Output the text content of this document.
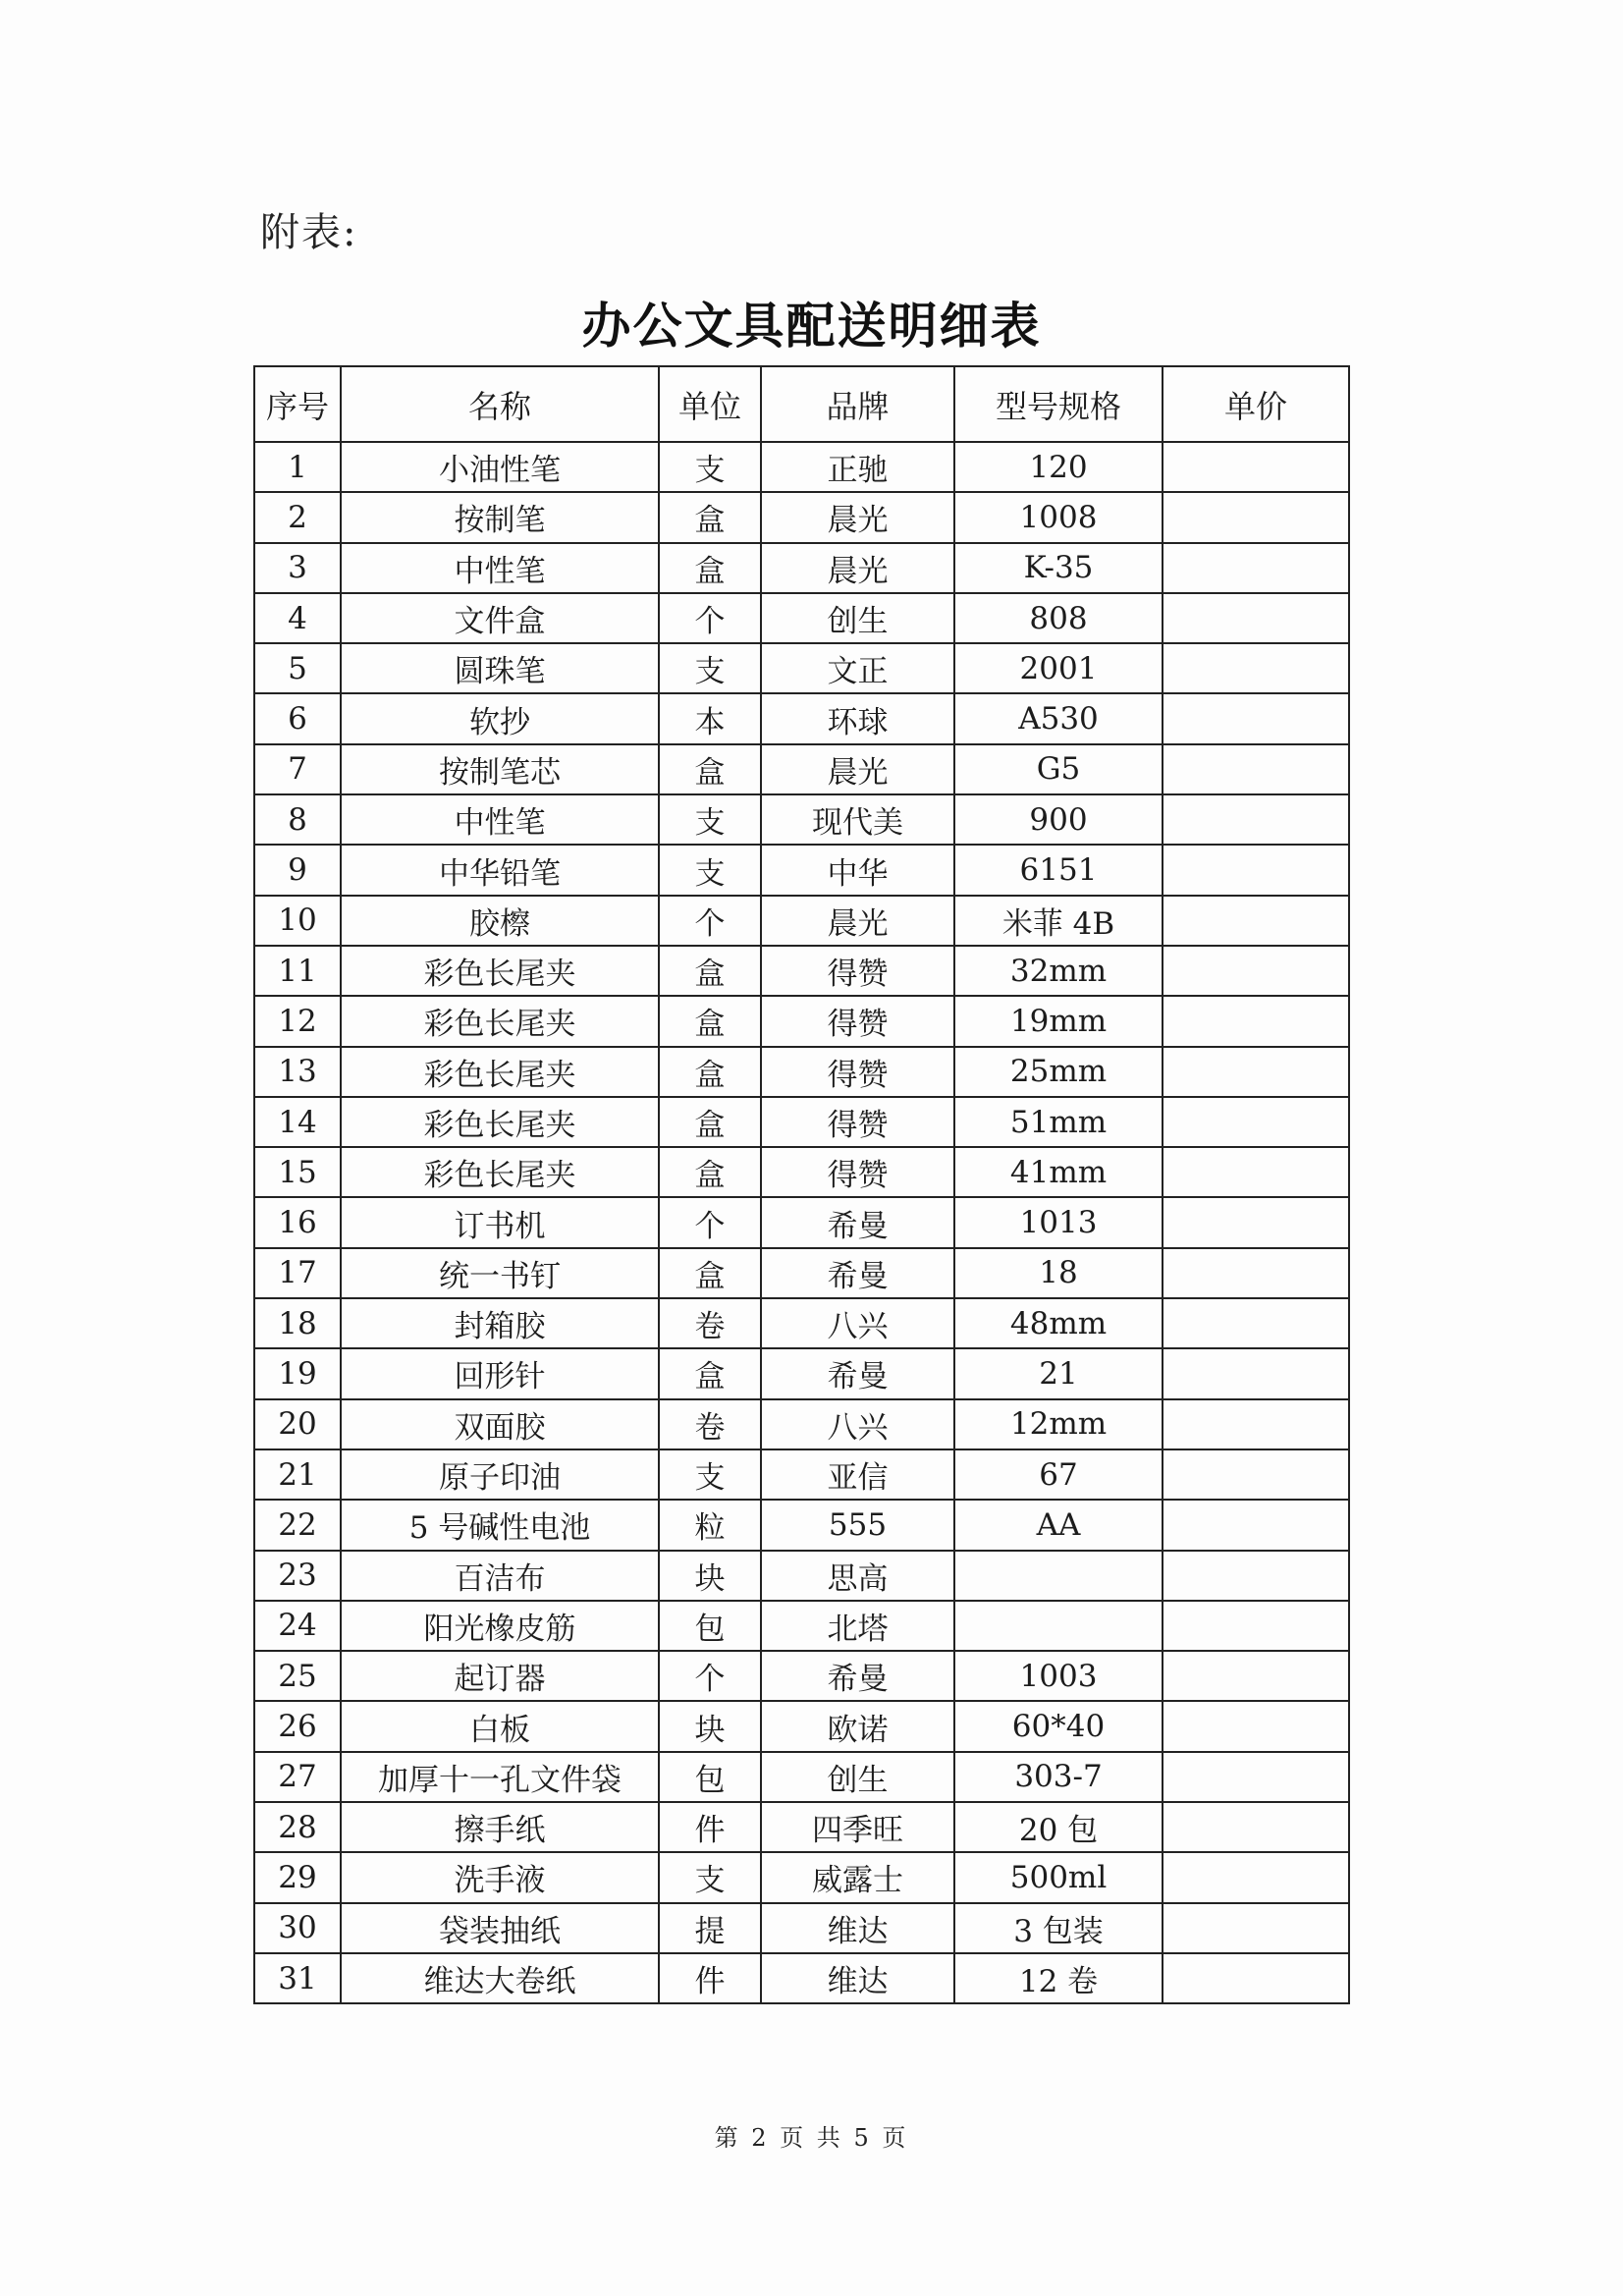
附表:
办公文具配送明细表
序号	名称	单位	品牌	型号规格	单价
1	小油性笔	支	正驰	120	
2	按制笔	盒	晨光	1008	
3	中性笔	盒	晨光	K-35	
4	文件盒	个	创生	808	
5	圆珠笔	支	文正	2001	
6	软抄	本	环球	A530	
7	按制笔芯	盒	晨光	G5	
8	中性笔	支	现代美	900	
9	中华铅笔	支	中华	6151	
10	胶檫	个	晨光	米菲 4B	
11	彩色长尾夹	盒	得赞	32mm	
12	彩色长尾夹	盒	得赞	19mm	
13	彩色长尾夹	盒	得赞	25mm	
14	彩色长尾夹	盒	得赞	51mm	
15	彩色长尾夹	盒	得赞	41mm	
16	订书机	个	希曼	1013	
17	统一书钉	盒	希曼	18	
18	封箱胶	卷	八兴	48mm	
19	回形针	盒	希曼	21	
20	双面胶	卷	八兴	12mm	
21	原子印油	支	亚信	67	
22	5 号碱性电池	粒	555	AA	
23	百洁布	块	思高		
24	阳光橡皮筋	包	北塔		
25	起订器	个	希曼	1003	
26	白板	块	欧诺	60*40	
27	加厚十一孔文件袋	包	创生	303-7	
28	擦手纸	件	四季旺	20 包	
29	洗手液	支	威露士	500ml	
30	袋装抽纸	提	维达	3 包装	
31	维达大卷纸	件	维达	12 卷	
第 2 页 共 5 页
